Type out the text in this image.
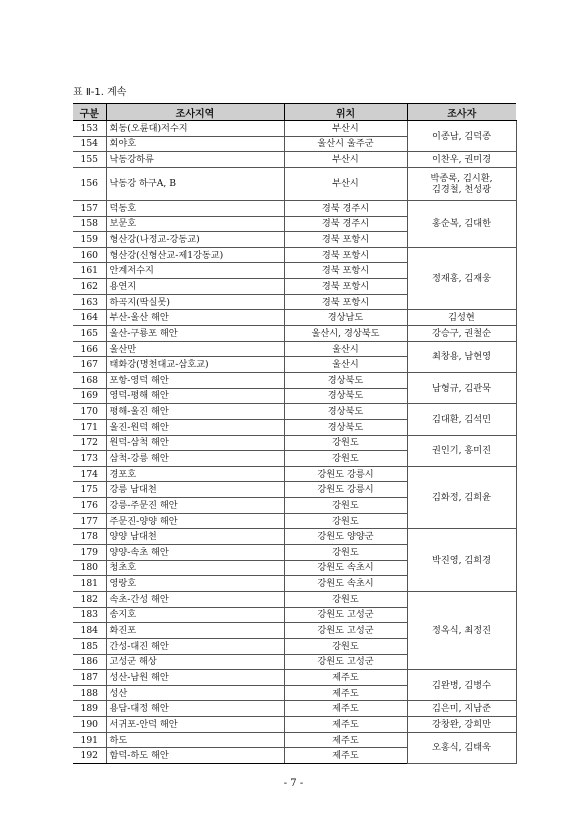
표 Ⅱ-1. 계속
구분	조사지역	위치	조사자
153	회동(오륜대)저수지	부산시	이종남, 김덕종
154	회야호	울산시 울주군	
155	낙동강하류	부산시	이찬우, 권미경
156	낙동강 하구A, B	부산시	박종록, 김시환,
김경철, 천성광
157	덕동호	경북 경주시	홍순복, 김대한
158	보문호	경북 경주시	
159	형산강(나정교-강동교)	경북 포항시	
160	형산강(신형산교-제1강동교)	경북 포항시	정재홍, 김재웅
161	안계저수지	경북 포항시	
162	용연지	경북 포항시	
163	하곡지(딱실못)	경북 포항시	
164	부산-울산 해안	경상남도	김성현
165	울산-구룡포 해안	울산시, 경상북도	강승구, 권철순
166	울산만	울산시	최창용, 남현영
167	태화강(명천대교-삼호교)	울산시	
168	포항-영덕 해안	경상북도	남형규, 김관묵
169	영덕-평해 해안	경상북도	
170	평해-울진 해안	경상북도	김대환, 김석민
171	울진-원덕 해안	경상북도	
172	원덕-삼척 해안	강원도	권인기, 홍미진
173	삼척-강릉 해안	강원도	
174	경포호	강원도 강릉시	김화정, 김희윤
175	강릉 남대천	강원도 강릉시	
176	강릉-주문진 해안	강원도	
177	주문진-양양 해안	강원도	
178	양양 남대천	강원도 양양군	박진영, 김희경
179	양양-속초 해안	강원도	
180	청초호	강원도 속초시	
181	영랑호	강원도 속초시	
182	속초-간성 해안	강원도	정옥식, 최정진
183	송지호	강원도 고성군	
184	화진포	강원도 고성군	
185	간성-대진 해안	강원도	
186	고성군 해상	강원도 고성군	
187	성산-남원 해안	제주도	김완병, 김병수
188	성산	제주도	
189	용담-대정 해안	제주도	김은미, 지남준
190	서귀포-안덕 해안	제주도	강창완, 강희만
191	하도	제주도	오홍식, 김태욱
192	함덕-하도 해안	제주도	
- 7 -
